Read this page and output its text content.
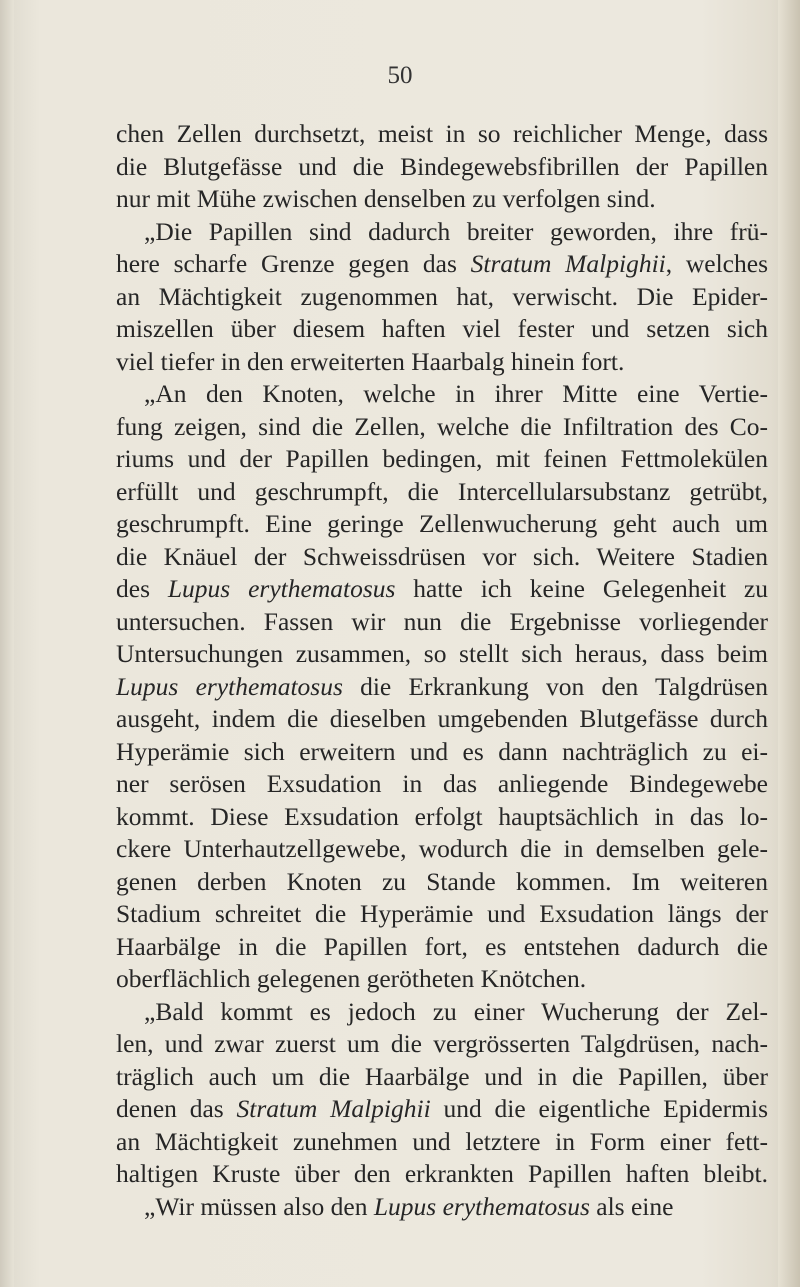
50
chen Zellen durchsetzt, meist in so reichlicher Menge, dass
die Blutgefässe und die Bindegewebsfibrillen der Papillen
nur mit Mühe zwischen denselben zu verfolgen sind.
„Die Papillen sind dadurch breiter geworden, ihre frü-
here scharfe Grenze gegen das Stratum Malpighii, welches
an Mächtigkeit zugenommen hat, verwischt. Die Epider-
miszellen über diesem haften viel fester und setzen sich
viel tiefer in den erweiterten Haarbalg hinein fort.
„An den Knoten, welche in ihrer Mitte eine Vertie-
fung zeigen, sind die Zellen, welche die Infiltration des Co-
riums und der Papillen bedingen, mit feinen Fettmolekülen
erfüllt und geschrumpft, die Intercellularsubstanz getrübt,
geschrumpft. Eine geringe Zellenwucherung geht auch um
die Knäuel der Schweissdrüsen vor sich. Weitere Stadien
des Lupus erythematosus hatte ich keine Gelegenheit zu
untersuchen. Fassen wir nun die Ergebnisse vorliegender
Untersuchungen zusammen, so stellt sich heraus, dass beim
Lupus erythematosus die Erkrankung von den Talgdrüsen
ausgeht, indem die dieselben umgebenden Blutgefässe durch
Hyperämie sich erweitern und es dann nachträglich zu ei-
ner serösen Exsudation in das anliegende Bindegewebe
kommt. Diese Exsudation erfolgt hauptsächlich in das lo-
ckere Unterhautzellgewebe, wodurch die in demselben gele-
genen derben Knoten zu Stande kommen. Im weiteren
Stadium schreitet die Hyperämie und Exsudation längs der
Haarbälge in die Papillen fort, es entstehen dadurch die
oberflächlich gelegenen gerötheten Knötchen.
„Bald kommt es jedoch zu einer Wucherung der Zel-
len, und zwar zuerst um die vergrösserten Talgdrüsen, nach-
träglich auch um die Haarbälge und in die Papillen, über
denen das Stratum Malpighii und die eigentliche Epidermis
an Mächtigkeit zunehmen und letztere in Form einer fett-
haltigen Kruste über den erkrankten Papillen haften bleibt.
„Wir müssen also den Lupus erythematosus als eine
